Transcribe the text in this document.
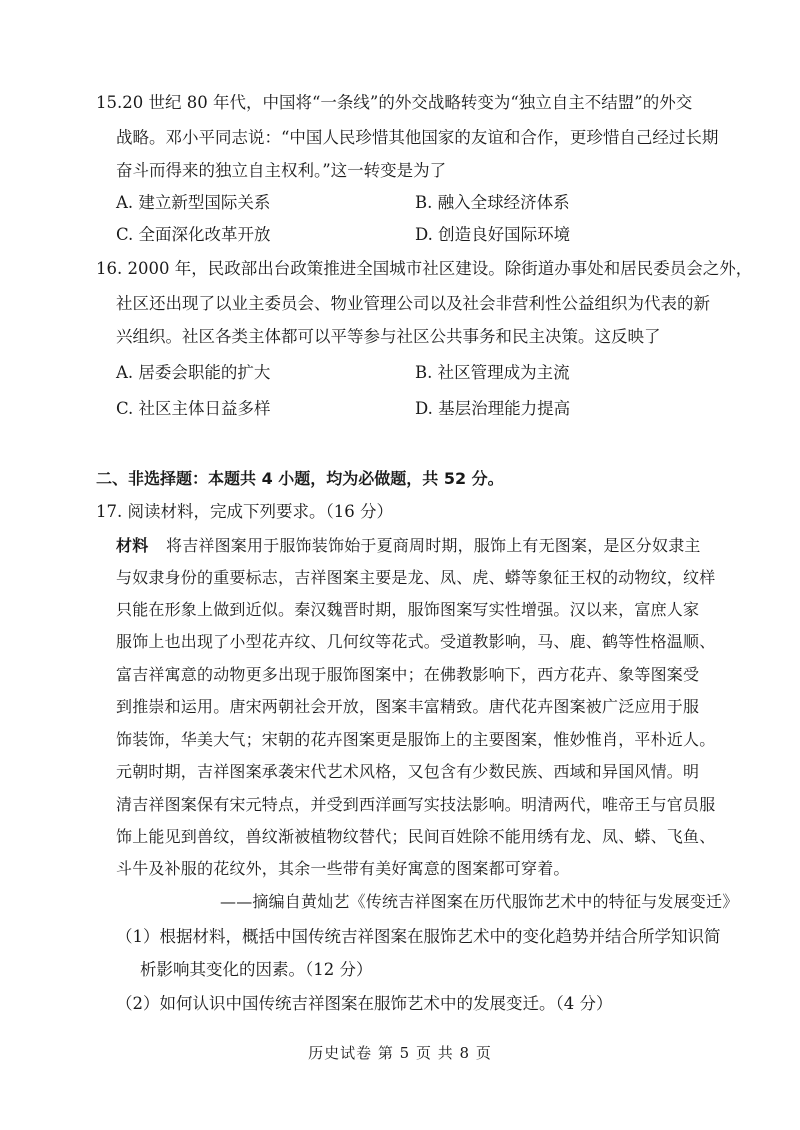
15.20 世纪 80 年代，中国将“一条线”的外交战略转变为“独立自主不结盟”的外交
战略。邓小平同志说：“中国人民珍惜其他国家的友谊和合作，更珍惜自己经过长期
奋斗而得来的独立自主权利。”这一转变是为了
A. 建立新型国际关系	B. 融入全球经济体系
C. 全面深化改革开放	D. 创造良好国际环境
16. 2000 年，民政部出台政策推进全国城市社区建设。除街道办事处和居民委员会之外，
社区还出现了以业主委员会、物业管理公司以及社会非营利性公益组织为代表的新
兴组织。社区各类主体都可以平等参与社区公共事务和民主决策。这反映了
A. 居委会职能的扩大	B. 社区管理成为主流
C. 社区主体日益多样	D. 基层治理能力提高
二、非选择题：本题共 4 小题，均为必做题，共 52 分。
17. 阅读材料，完成下列要求。（16 分）
材料 将吉祥图案用于服饰装饰始于夏商周时期，服饰上有无图案，是区分奴隶主
与奴隶身份的重要标志，吉祥图案主要是龙、凤、虎、蟒等象征王权的动物纹，纹样
只能在形象上做到近似。秦汉魏晋时期，服饰图案写实性增强。汉以来，富庶人家
服饰上也出现了小型花卉纹、几何纹等花式。受道教影响，马、鹿、鹤等性格温顺、
富吉祥寓意的动物更多出现于服饰图案中；在佛教影响下，西方花卉、象等图案受
到推崇和运用。唐宋两朝社会开放，图案丰富精致。唐代花卉图案被广泛应用于服
饰装饰，华美大气；宋朝的花卉图案更是服饰上的主要图案，惟妙惟肖，平朴近人。
元朝时期，吉祥图案承袭宋代艺术风格，又包含有少数民族、西域和异国风情。明
清吉祥图案保有宋元特点，并受到西洋画写实技法影响。明清两代，唯帝王与官员服
饰上能见到兽纹，兽纹渐被植物纹替代；民间百姓除不能用绣有龙、凤、蟒、飞鱼、
斗牛及补服的花纹外，其余一些带有美好寓意的图案都可穿着。
——摘编自黄灿艺《传统吉祥图案在历代服饰艺术中的特征与发展变迁》
（1）根据材料，概括中国传统吉祥图案在服饰艺术中的变化趋势并结合所学知识简
析影响其变化的因素。（12 分）
（2）如何认识中国传统吉祥图案在服饰艺术中的发展变迁。（4 分）
历史试卷 第 5 页 共 8 页
